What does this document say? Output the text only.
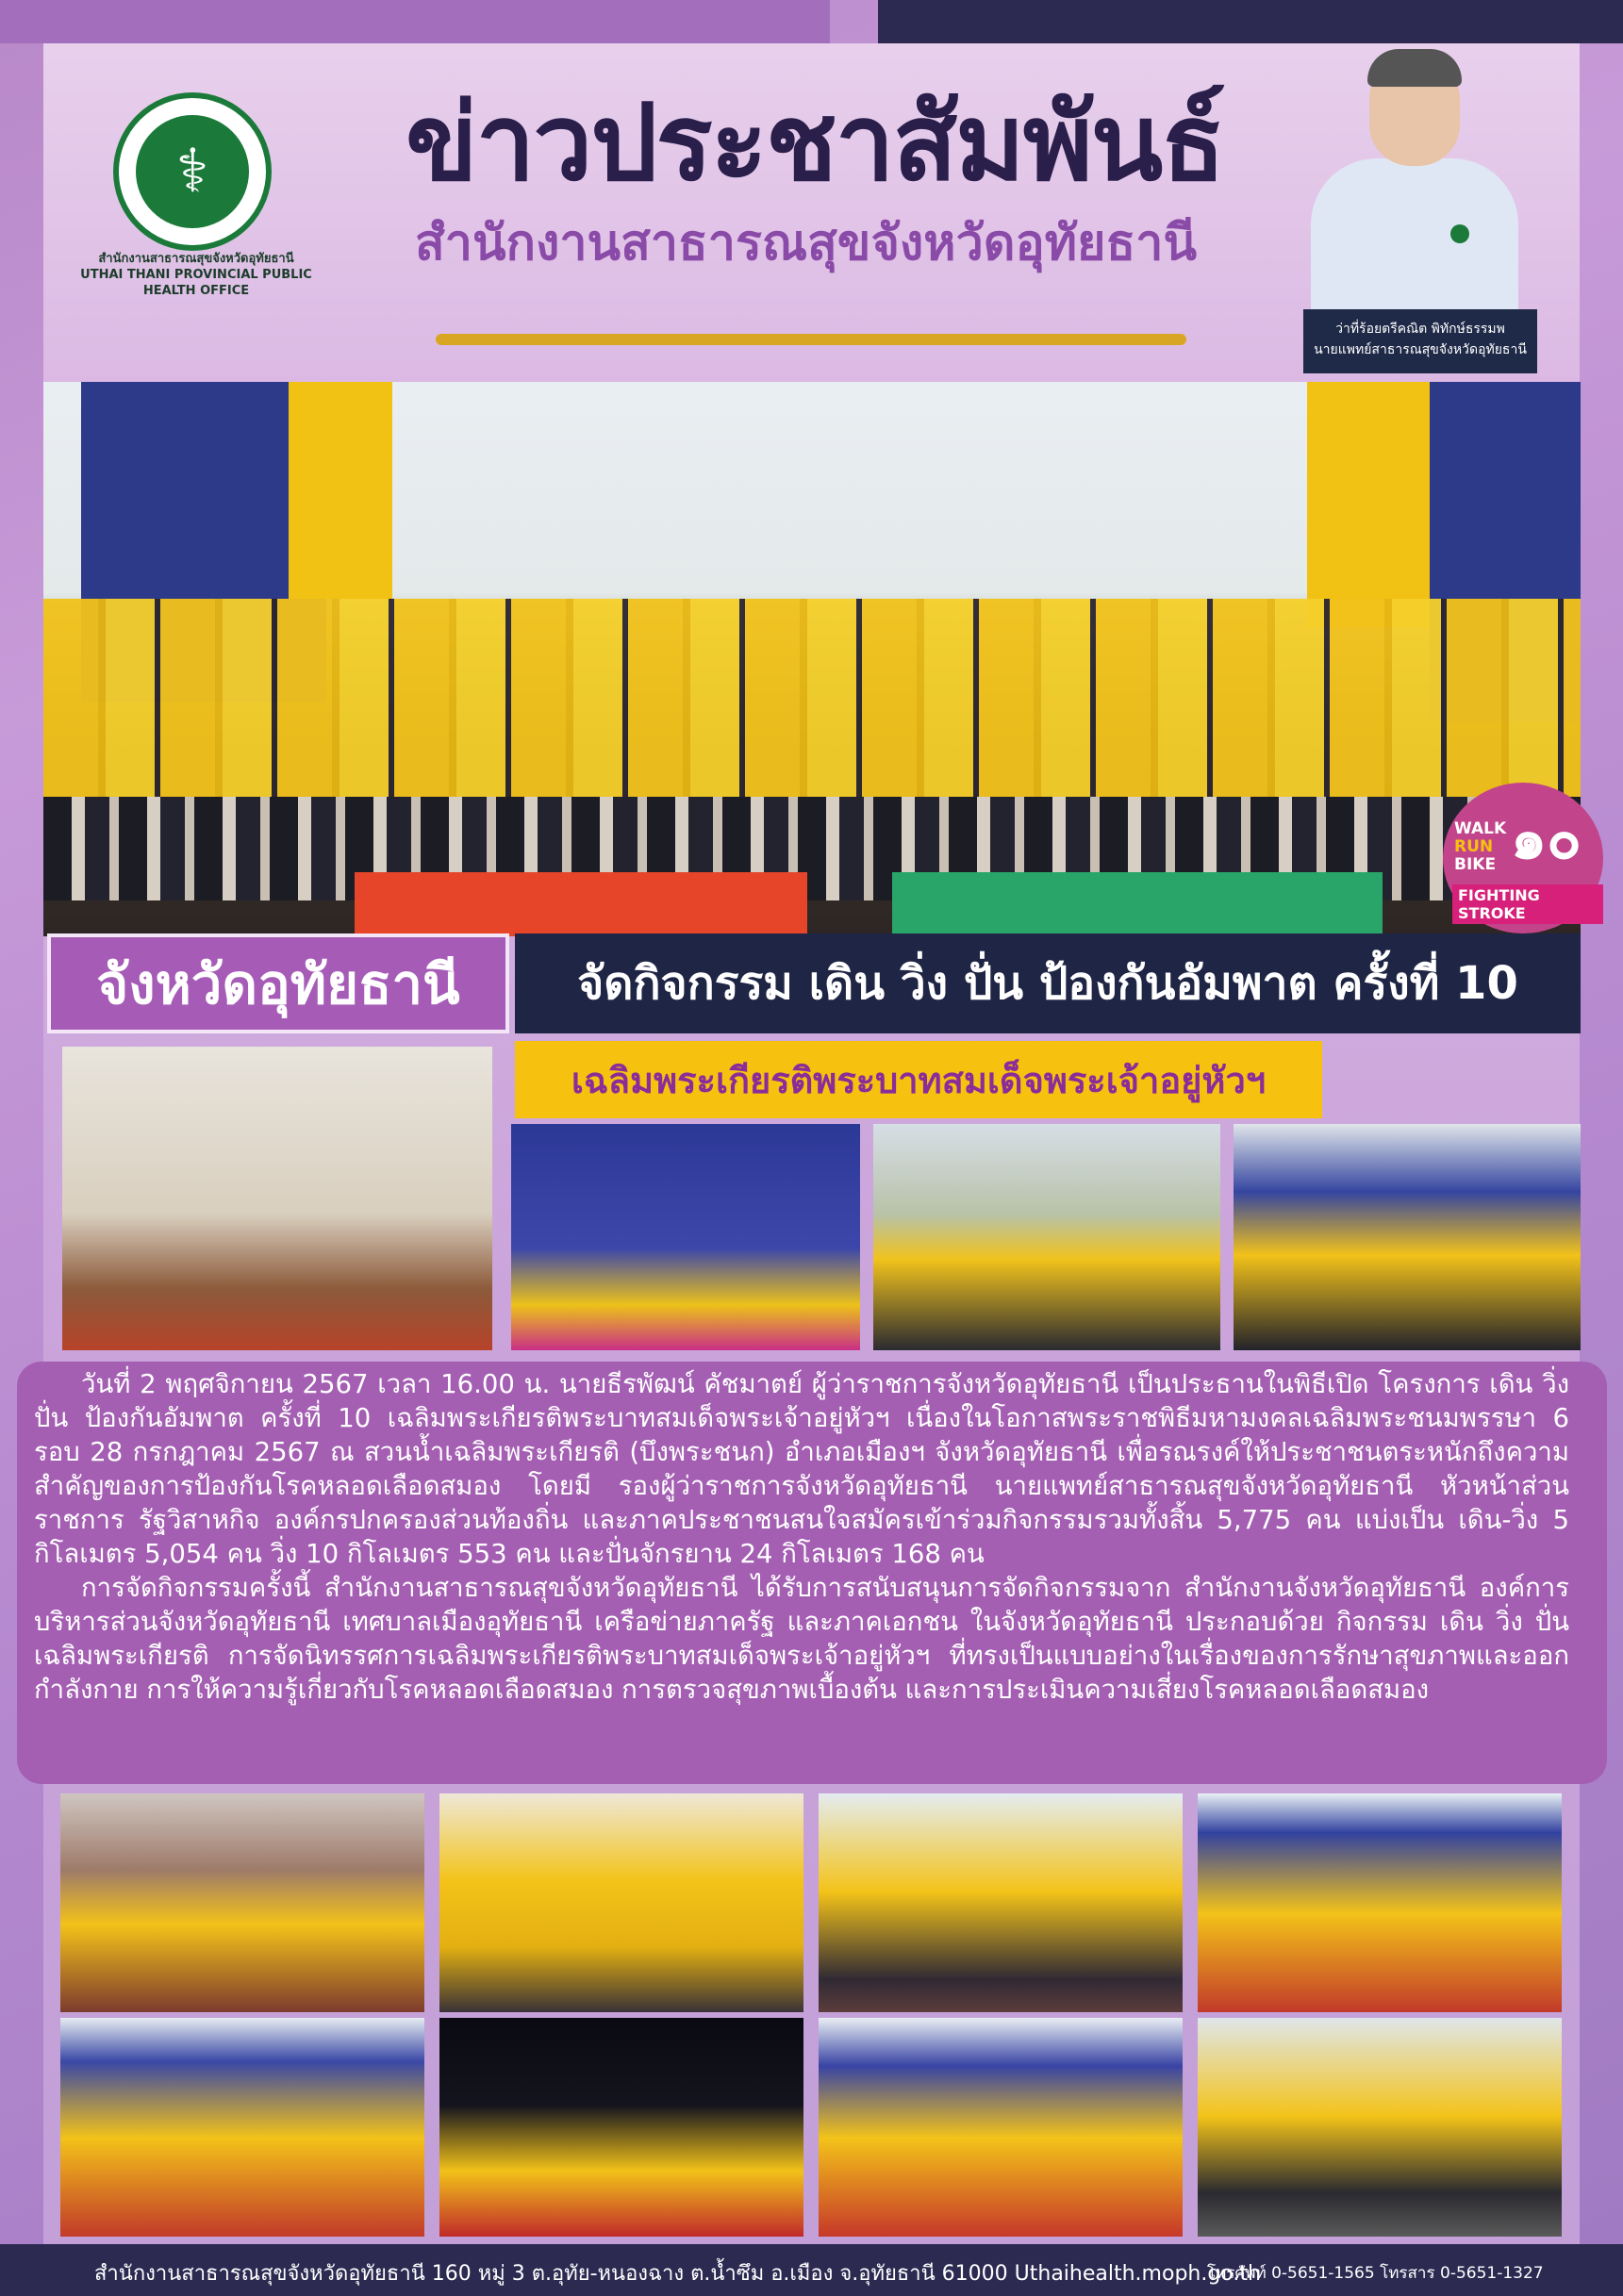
⚕
สำนักงานสาธารณสุขจังหวัดอุทัยธานี
UTHAI THANI PROVINCIAL PUBLIC HEALTH OFFICE
ข่าวประชาสัมพันธ์
สำนักงานสาธารณสุขจังหวัดอุทัยธานี
ว่าที่ร้อยตรีคณิต พิทักษ์ธรรมพ
นายแพทย์สาธารณสุขจังหวัดอุทัยธานี
WALK
RUN
BIKE ๑๐
FIGHTING STROKE
จังหวัดอุทัยธานี	จัดกิจกรรม เดิน วิ่ง ปั่น ป้องกันอัมพาต ครั้งที่ 10
เฉลิมพระเกียรติพระบาทสมเด็จพระเจ้าอยู่หัวฯ

วันที่ 2 พฤศจิกายน 2567 เวลา 16.00 น. นายธีรพัฒน์ คัชมาตย์ ผู้ว่าราชการจังหวัดอุทัยธานี เป็นประธานในพิธีเปิด โครงการ เดิน วิ่ง ปั่น ป้องกันอัมพาต ครั้งที่ 10 เฉลิมพระเกียรติพระบาทสมเด็จพระเจ้าอยู่หัวฯ เนื่องในโอกาสพระราชพิธีมหามงคลเฉลิมพระชนมพรรษา 6 รอบ 28 กรกฎาคม 2567 ณ สวนน้ำเฉลิมพระเกียรติ (บึงพระชนก) อำเภอเมืองฯ จังหวัดอุทัยธานี เพื่อรณรงค์ให้ประชาชนตระหนักถึงความสำคัญของการป้องกันโรคหลอดเลือดสมอง โดยมี รองผู้ว่าราชการจังหวัดอุทัยธานี นายแพทย์สาธารณสุขจังหวัดอุทัยธานี หัวหน้าส่วนราชการ รัฐวิสาหกิจ องค์กรปกครองส่วนท้องถิ่น และภาคประชาชนสนใจสมัครเข้าร่วมกิจกรรมรวมทั้งสิ้น 5,775 คน แบ่งเป็น เดิน-วิ่ง 5 กิโลเมตร 5,054 คน วิ่ง 10 กิโลเมตร 553 คน และปั่นจักรยาน 24 กิโลเมตร 168 คน

การจัดกิจกรรมครั้งนี้ สำนักงานสาธารณสุขจังหวัดอุทัยธานี ได้รับการสนับสนุนการจัดกิจกรรมจาก สำนักงานจังหวัดอุทัยธานี องค์การบริหารส่วนจังหวัดอุทัยธานี เทศบาลเมืองอุทัยธานี เครือข่ายภาครัฐ และภาคเอกชน ในจังหวัดอุทัยธานี ประกอบด้วย กิจกรรม เดิน วิ่ง ปั่นเฉลิมพระเกียรติ การจัดนิทรรศการเฉลิมพระเกียรติพระบาทสมเด็จพระเจ้าอยู่หัวฯ ที่ทรงเป็นแบบอย่างในเรื่องของการรักษาสุขภาพและออกกำลังกาย การให้ความรู้เกี่ยวกับโรคหลอดเลือดสมอง การตรวจสุขภาพเบื้องต้น และการประเมินความเสี่ยงโรคหลอดเลือดสมอง

สำนักงานสาธารณสุขจังหวัดอุทัยธานี 160 หมู่ 3 ต.อุทัย-หนองฉาง ต.น้ำซึม อ.เมือง จ.อุทัยธานี 61000 Uthaihealth.moph.go.th
โทรศัพท์ 0-5651-1565 โทรสาร 0-5651-1327
